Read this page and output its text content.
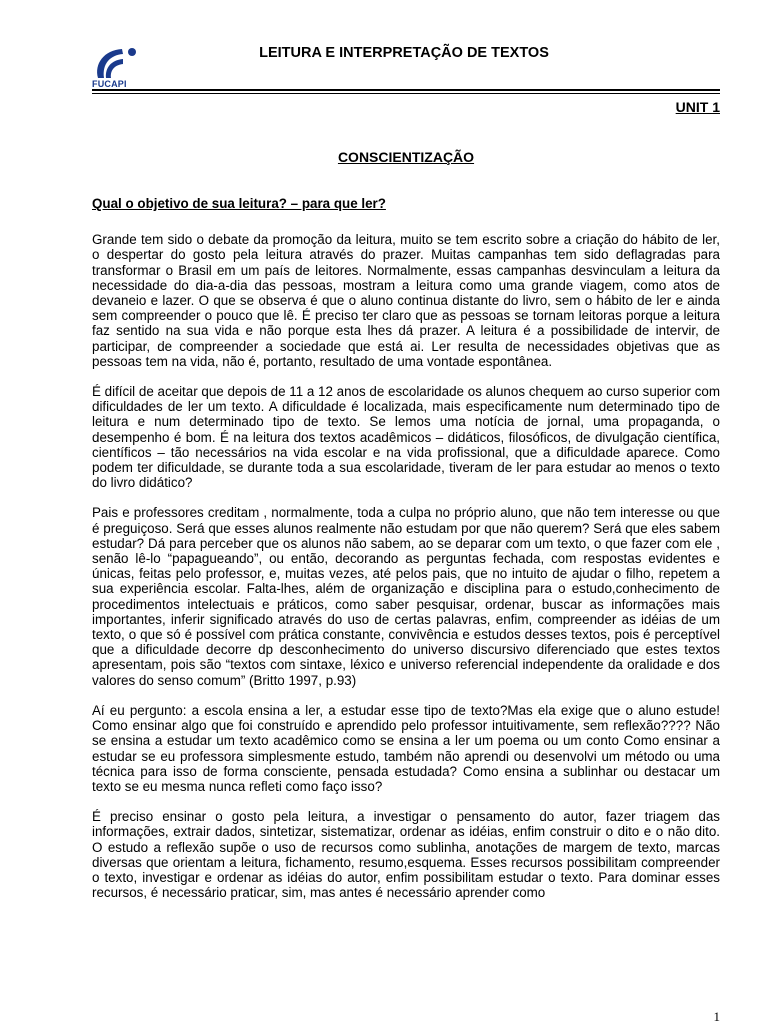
FUCAPI
LEITURA E INTERPRETAÇÃO DE TEXTOS
UNIT 1
CONSCIENTIZAÇÃO

Qual o objetivo de sua leitura? – para que ler?

Grande tem sido o debate da promoção da leitura, muito se tem escrito sobre a criação do hábito de ler, o despertar do gosto pela leitura através do prazer. Muitas campanhas tem sido deflagradas para transformar o Brasil em um país de leitores. Normalmente, essas campanhas desvinculam a leitura da necessidade do dia-a-dia das pessoas, mostram a leitura como uma grande viagem, como atos de devaneio e lazer. O que se observa é que o aluno continua distante do livro, sem o hábito de ler e ainda sem compreender o pouco que lê. É preciso ter claro que as pessoas se tornam leitoras porque a leitura faz sentido na sua vida e não porque esta lhes dá prazer. A leitura é a possibilidade de intervir, de participar, de compreender a sociedade que está ai. Ler resulta de necessidades objetivas que as pessoas tem na vida, não é, portanto, resultado de uma vontade espontânea.

É difícil de aceitar que depois de 11 a 12 anos de escolaridade os alunos chequem ao curso superior com dificuldades de ler um texto. A dificuldade é localizada, mais especificamente num determinado tipo de leitura e num determinado tipo de texto. Se lemos uma notícia de jornal, uma propaganda, o desempenho é bom. É na leitura dos textos acadêmicos – didáticos, filosóficos, de divulgação científica, científicos – tão necessários na vida escolar e na vida profissional, que a dificuldade aparece. Como podem ter dificuldade, se durante toda a sua escolaridade, tiveram de ler para estudar ao menos o texto do livro didático?

Pais e professores creditam , normalmente, toda a culpa no próprio aluno, que não tem interesse ou que é preguiçoso. Será que esses alunos realmente não estudam por que não querem? Será que eles sabem estudar? Dá para perceber que os alunos não sabem, ao se deparar com um texto, o que fazer com ele , senão lê-lo “papagueando”, ou então, decorando as perguntas fechada, com respostas evidentes e únicas, feitas pelo professor, e, muitas vezes, até pelos pais, que no intuito de ajudar o filho, repetem a sua experiência escolar. Falta-lhes, além de organização e disciplina para o estudo,conhecimento de procedimentos intelectuais e práticos, como saber pesquisar, ordenar, buscar as informações mais importantes, inferir significado através do uso de certas palavras, enfim, compreender as idéias de um texto, o que só é possível com prática constante, convivência e estudos desses textos, pois é perceptível que a dificuldade decorre dp desconhecimento do universo discursivo diferenciado que estes textos apresentam, pois são “textos com sintaxe, léxico e universo referencial independente da oralidade e dos valores do senso comum” (Britto 1997, p.93)

Aí eu pergunto: a escola ensina a ler, a estudar esse tipo de texto?Mas ela exige que o aluno estude! Como ensinar algo que foi construído e aprendido pelo professor intuitivamente, sem reflexão???? Não se ensina a estudar um texto acadêmico como se ensina a ler um poema ou um conto Como ensinar a estudar se eu professora simplesmente estudo, também não aprendi ou desenvolvi um método ou uma técnica para isso de forma consciente, pensada estudada? Como ensina a sublinhar ou destacar um texto se eu mesma nunca refleti como faço isso?

É preciso ensinar o gosto pela leitura, a investigar o pensamento do autor, fazer triagem das informações, extrair dados, sintetizar, sistematizar, ordenar as idéias, enfim construir o dito e o não dito. O estudo a reflexão supõe o uso de recursos como sublinha, anotações de margem de texto, marcas diversas que orientam a leitura, fichamento, resumo,esquema. Esses recursos possibilitam compreender o texto, investigar e ordenar as idéias do autor, enfim possibilitam estudar o texto. Para dominar esses recursos, é necessário praticar, sim, mas antes é necessário aprender como

1
